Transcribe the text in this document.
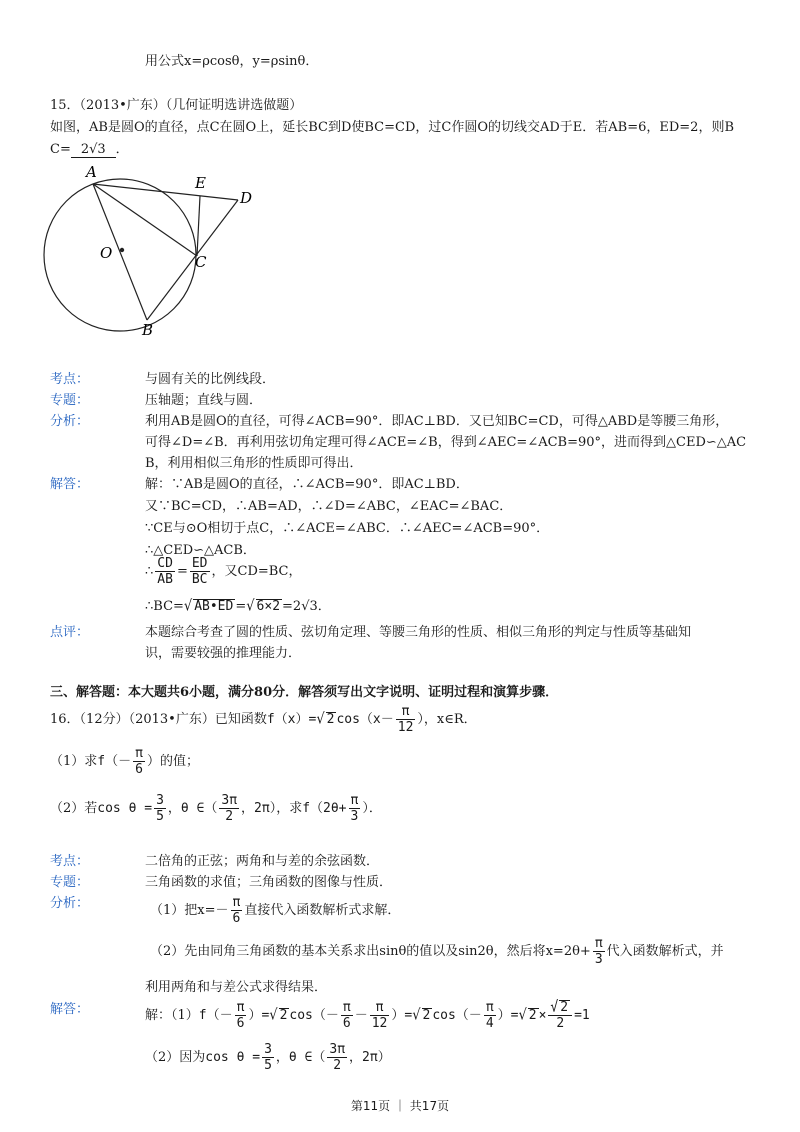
用公式x=ρcosθ，y=ρsinθ．
15．（2013•广东）（几何证明选讲选做题）
如图，AB是圆O的直径，点C在圆O上，延长BC到D使BC=CD，过C作圆O的切线交AD于E．若AB=6，ED=2，则B
C= 2√3 ．
A
E
D
O	C
B
考点：	与圆有关的比例线段．
专题：	压轴题；直线与圆．
分析：	利用AB是圆O的直径，可得∠ACB=90°．即AC⊥BD．又已知BC=CD，可得△ABD是等腰三角形，
可得∠D=∠B．再利用弦切角定理可得∠ACE=∠B，得到∠AEC=∠ACB=90°，进而得到△CED∽△AC
B，利用相似三角形的性质即可得出．
解答：	解：∵AB是圆O的直径，∴∠ACB=90°．即AC⊥BD．
又∵BC=CD，∴AB=AD，∴∠D=∠ABC，∠EAC=∠BAC．
∵CE与⊙O相切于点C，∴∠ACE=∠ABC．∴∠AEC=∠ACB=90°．
∴△CED∽△ACB．
∴ $\frac{CD}{AB} = \frac{ED}{BC}$ ，又CD=BC，
∴BC=√ AB•ED =√ 6×2 =2√3．
点评：	本题综合考查了圆的性质、弦切角定理、等腰三角形的性质、相似三角形的判定与性质等基础知
识，需要较强的推理能力．
三、解答题：本大题共6小题，满分80分．解答须写出文字说明、证明过程和演算步骤．
16．（12分）（2013•广东）已知函数f（x）=√ 2 $\cos(x- \frac{\pi}{12}$ ），x∈R．
（1）求$f(- \frac{\pi}{6}$ ）的值；
（2）若$\cos \theta = \frac{3}{5}$ ，θ ∈（ $\frac{3\pi}{2}$ ，2π），求$f(2\theta+ \frac{\pi}{3}$ ）．
考点：	二倍角的正弦；两角和与差的余弦函数．
专题：	三角函数的求值；三角函数的图像与性质．
分析：	（1）把$x=- \frac{\pi}{6}$ 直接代入函数解析式求解．
（2）先由同角三角函数的基本关系求出sinθ的值以及sin2θ，然后将$x=2\theta+ \frac{\pi}{3}$ 代入函数解析式，并
利用两角和与差公式求得结果．
解答：	解：$(1)f(- \frac{\pi}{6}$ ）=√ 2 $\cos(- \frac{\pi}{6} - \frac{\pi}{12}$ ）=√ 2 $\cos(- \frac{\pi}{4}$ ）=√ $2 \times \frac{√ 2}{2} =1$
（2）因为$\cos \theta = \frac{3}{5}$ ，θ ∈（ $\frac{3\pi}{2}$ ，2π）
第11页 ｜ 共17页
